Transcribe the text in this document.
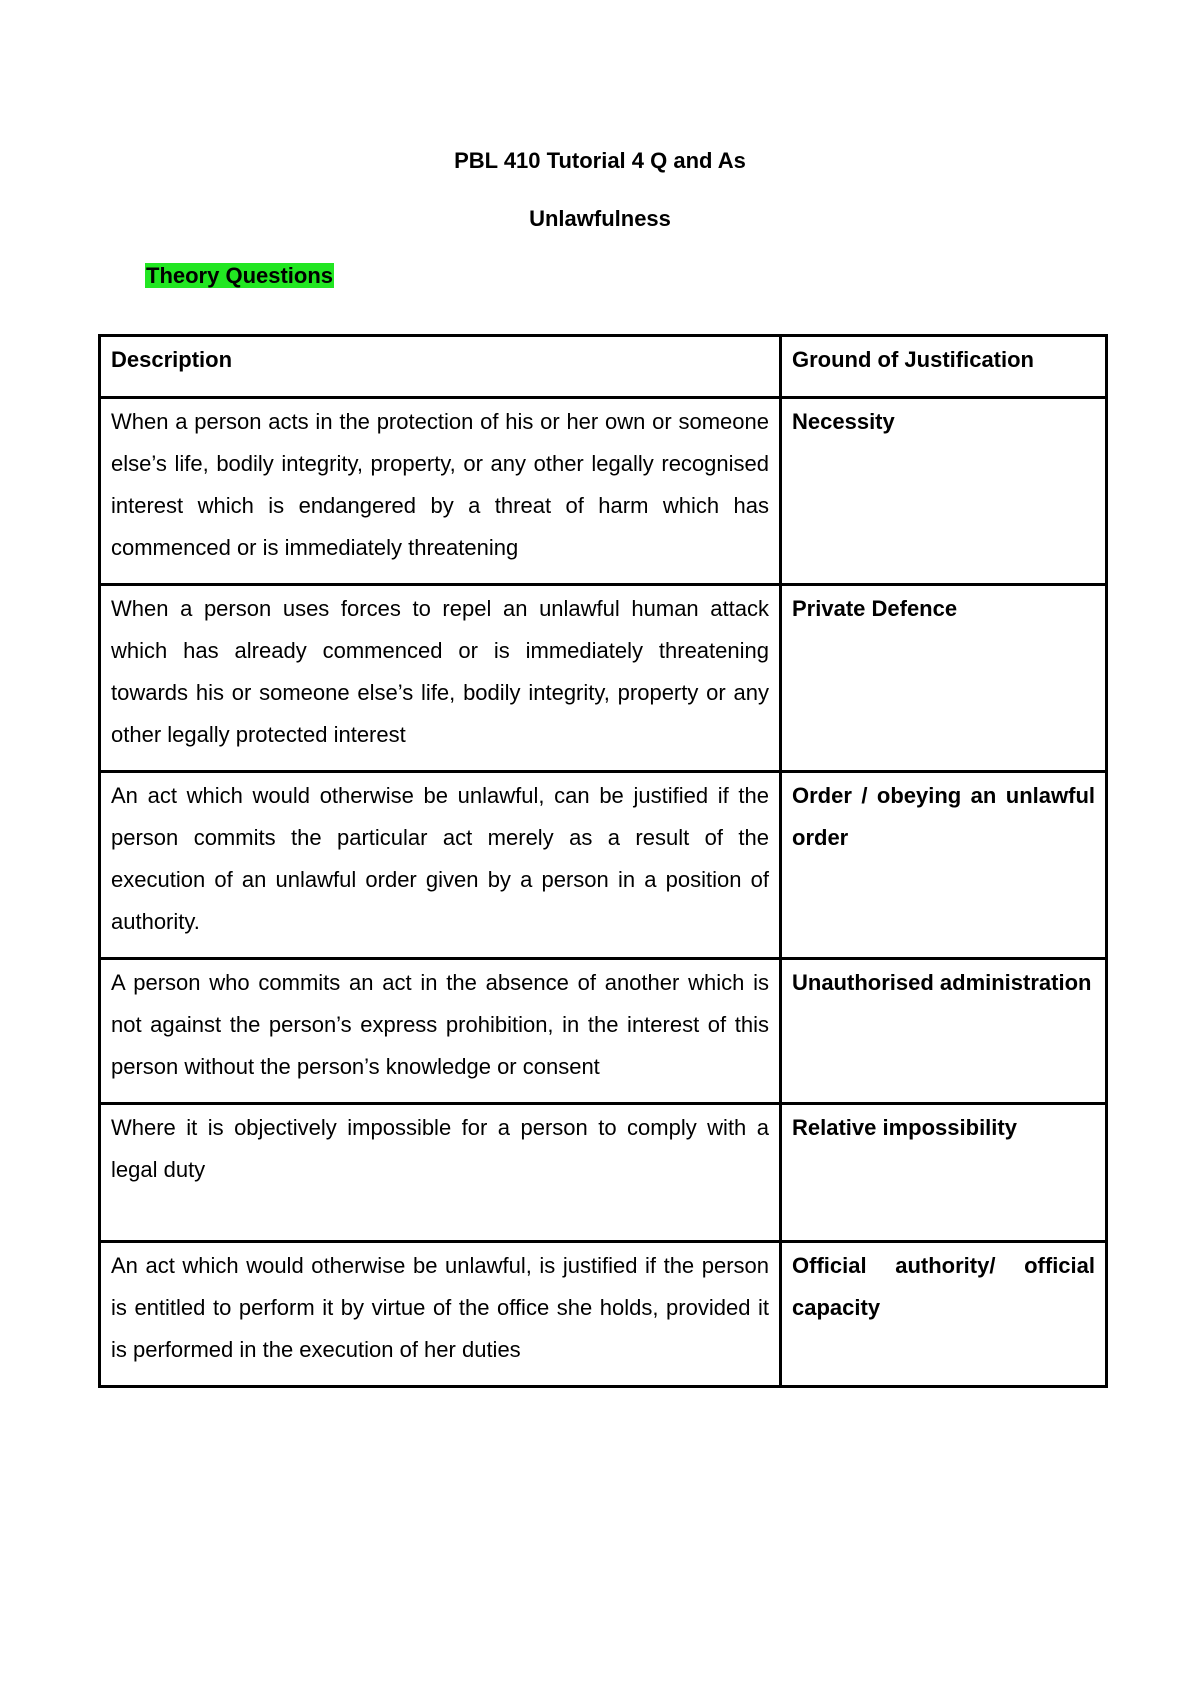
PBL 410 Tutorial 4 Q and As
Unlawfulness
Theory Questions
Description	Ground of Justification
When a person acts in the protection of his or her own or someone else’s life, bodily integrity, property, or any other legally recognised interest which is endangered by a threat of harm which has commenced or is immediately threatening	Necessity
When a person uses forces to repel an unlawful human attack which has already commenced or is immediately threatening towards his or someone else’s life, bodily integrity, property or any other legally protected interest	Private Defence
An act which would otherwise be unlawful, can be justified if the person commits the particular act merely as a result of the execution of an unlawful order given by a person in a position of authority.	Order / obeying an unlawful order
A person who commits an act in the absence of another which is not against the person’s express prohibition, in the interest of this person without the person’s knowledge or consent	Unauthorised administration
Where it is objectively impossible for a person to comply with a legal duty	Relative impossibility
An act which would otherwise be unlawful, is justified if the person is entitled to perform it by virtue of the office she holds, provided it is performed in the execution of her duties	Official authority/ official capacity
